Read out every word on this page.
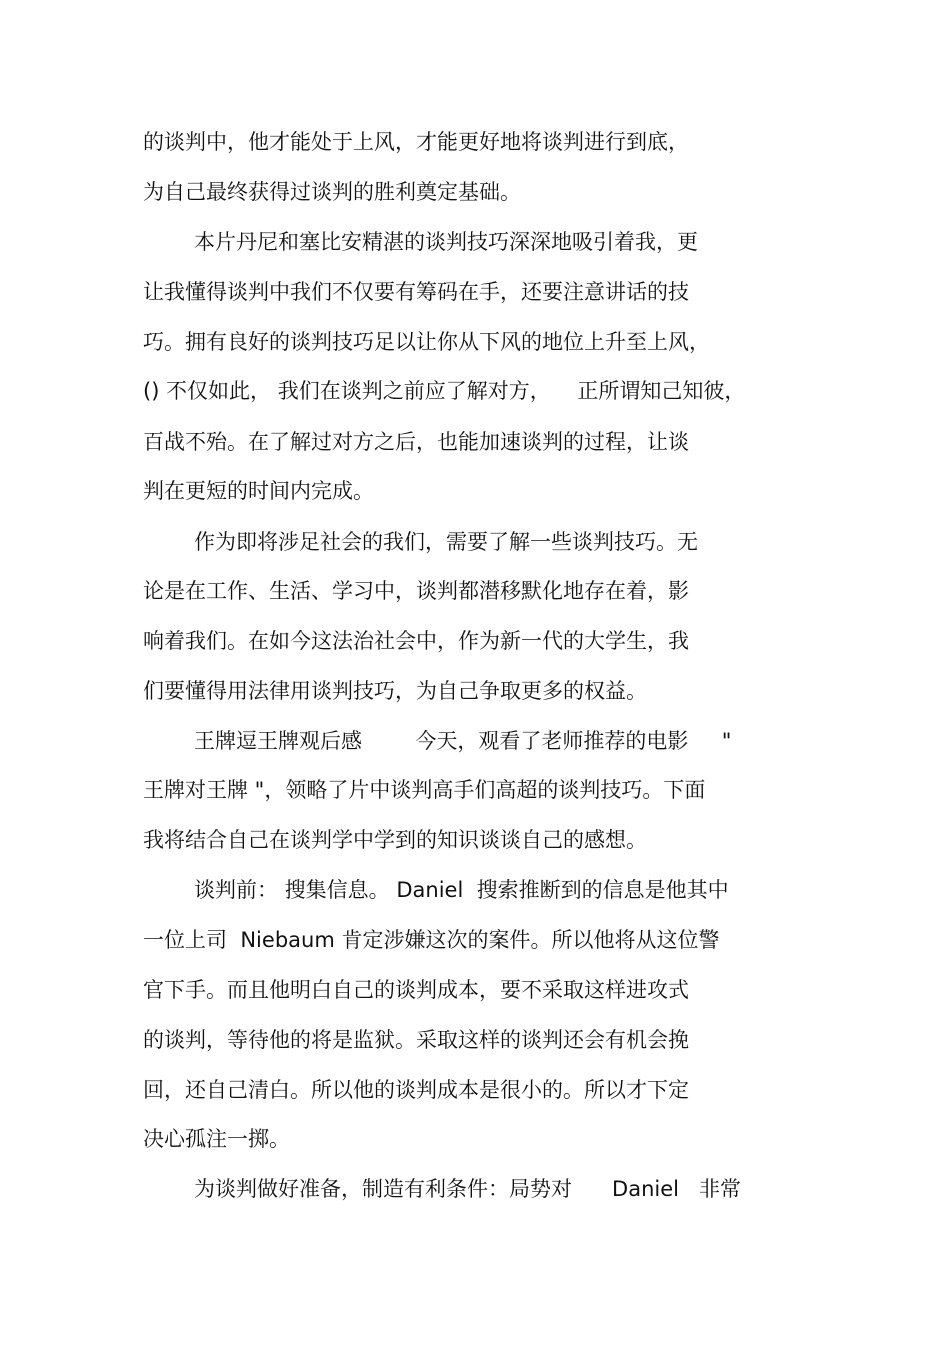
的谈判中，他才能处于上风，才能更好地将谈判进行到底，

为自己最终获得过谈判的胜利奠定基础。

本片丹尼和塞比安精湛的谈判技巧深深地吸引着我，更

让我懂得谈判中我们不仅要有筹码在手，还要注意讲话的技

巧。拥有良好的谈判技巧足以让你从下风的地位上升至上风，

() 不仅如此， 我们在谈判之前应了解对方，    正所谓知己知彼，

百战不殆。在了解过对方之后，也能加速谈判的过程，让谈

判在更短的时间内完成。

作为即将涉足社会的我们，需要了解一些谈判技巧。无

论是在工作、生活、学习中，谈判都潜移默化地存在着，影

响着我们。在如今这法治社会中，作为新一代的大学生，我

们要懂得用法律用谈判技巧，为自己争取更多的权益。

王牌逗王牌观后感        今天，观看了老师推荐的电影     "

王牌对王牌 "，领略了片中谈判高手们高超的谈判技巧。下面

我将结合自己在谈判学中学到的知识谈谈自己的感想。

谈判前： 搜集信息。 Daniel  搜索推断到的信息是他其中

一位上司  Niebaum 肯定涉嫌这次的案件。所以他将从这位警

官下手。而且他明白自己的谈判成本，要不采取这样进攻式

的谈判，等待他的将是监狱。采取这样的谈判还会有机会挽

回，还自己清白。所以他的谈判成本是很小的。所以才下定

决心孤注一掷。

为谈判做好准备，制造有利条件：局势对      Daniel   非常
